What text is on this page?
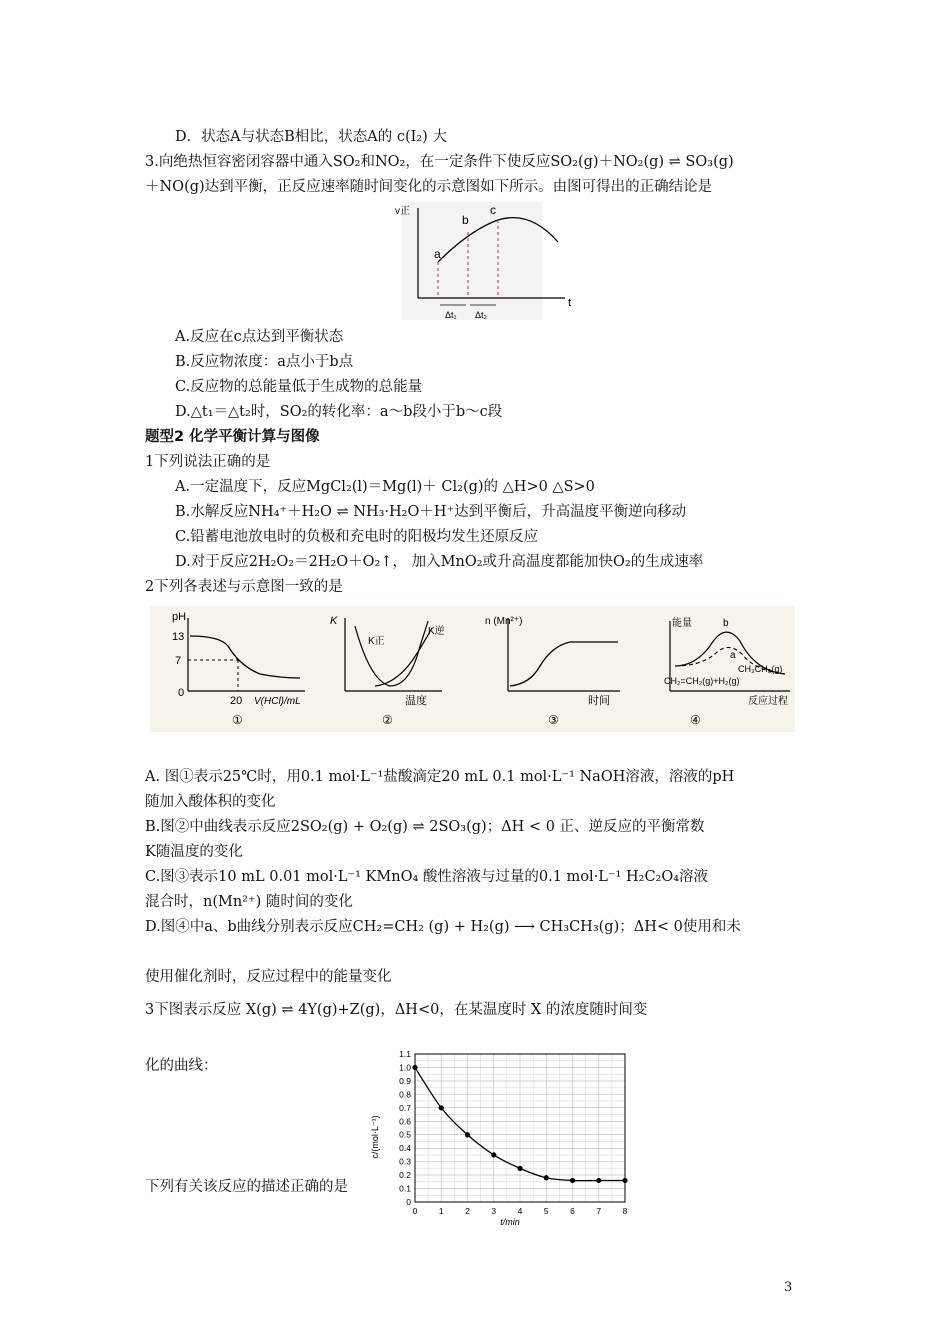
D．状态A与状态B相比，状态A的 c(I₂) 大
3.向绝热恒容密闭容器中通入SO₂和NO₂，在一定条件下使反应SO₂(g)＋NO₂(g) ⇌ SO₃(g)
＋NO(g)达到平衡，正反应速率随时间变化的示意图如下所示。由图可得出的正确结论是
v正
t
a
b
c
Δt₁ Δt₂
A.反应在c点达到平衡状态
B.反应物浓度：a点小于b点
C.反应物的总能量低于生成物的总能量
D.△t₁＝△t₂时，SO₂的转化率：a～b段小于b～c段
题型2 化学平衡计算与图像
1下列说法正确的是
A.一定温度下，反应MgCl₂(l)＝Mg(l)＋ Cl₂(g)的 △H>0 △S>0
B.水解反应NH₄⁺＋H₂O ⇌ NH₃·H₂O＋H⁺达到平衡后，升高温度平衡逆向移动
C.铅蓄电池放电时的负极和充电时的阳极均发生还原反应
D.对于反应2H₂O₂＝2H₂O＋O₂↑， 加入MnO₂或升高温度都能加快O₂的生成速率
2下列各表述与示意图一致的是
pH
13
7
0
20 V(HCl)/mL
①
K
K正
K逆
温度
②
n (Mn²⁺)
时间
③
能量	b
a
CH₃CH₃(g)
CH₂=CH₂(g)+H₂(g)
反应过程
④
A. 图①表示25℃时，用0.1 mol·L⁻¹盐酸滴定20 mL 0.1 mol·L⁻¹ NaOH溶液，溶液的pH
随加入酸体积的变化
B.图②中曲线表示反应2SO₂(g) + O₂(g) ⇌ 2SO₃(g)；ΔH < 0 正、逆反应的平衡常数
K随温度的变化
C.图③表示10 mL 0.01 mol·L⁻¹ KMnO₄ 酸性溶液与过量的0.1 mol·L⁻¹ H₂C₂O₄溶液
混合时，n(Mn²⁺) 随时间的变化
D.图④中a、b曲线分别表示反应CH₂=CH₂ (g) + H₂(g) ⟶ CH₃CH₃(g)；ΔH< 0使用和未
使用催化剂时，反应过程中的能量变化
3下图表示反应 X(g) ⇌ 4Y(g)+Z(g)，ΔH<0，在某温度时 X 的浓度随时间变
化的曲线：
下列有关该反应的描述正确的是
c/(mol·L⁻¹)
t/min
0
0.1
0.2
0.3
0.4
0.5
0.6
0.7
0.8
0.9
1.0
1.1
0	1	2	3	4	5	6	7	8
3
